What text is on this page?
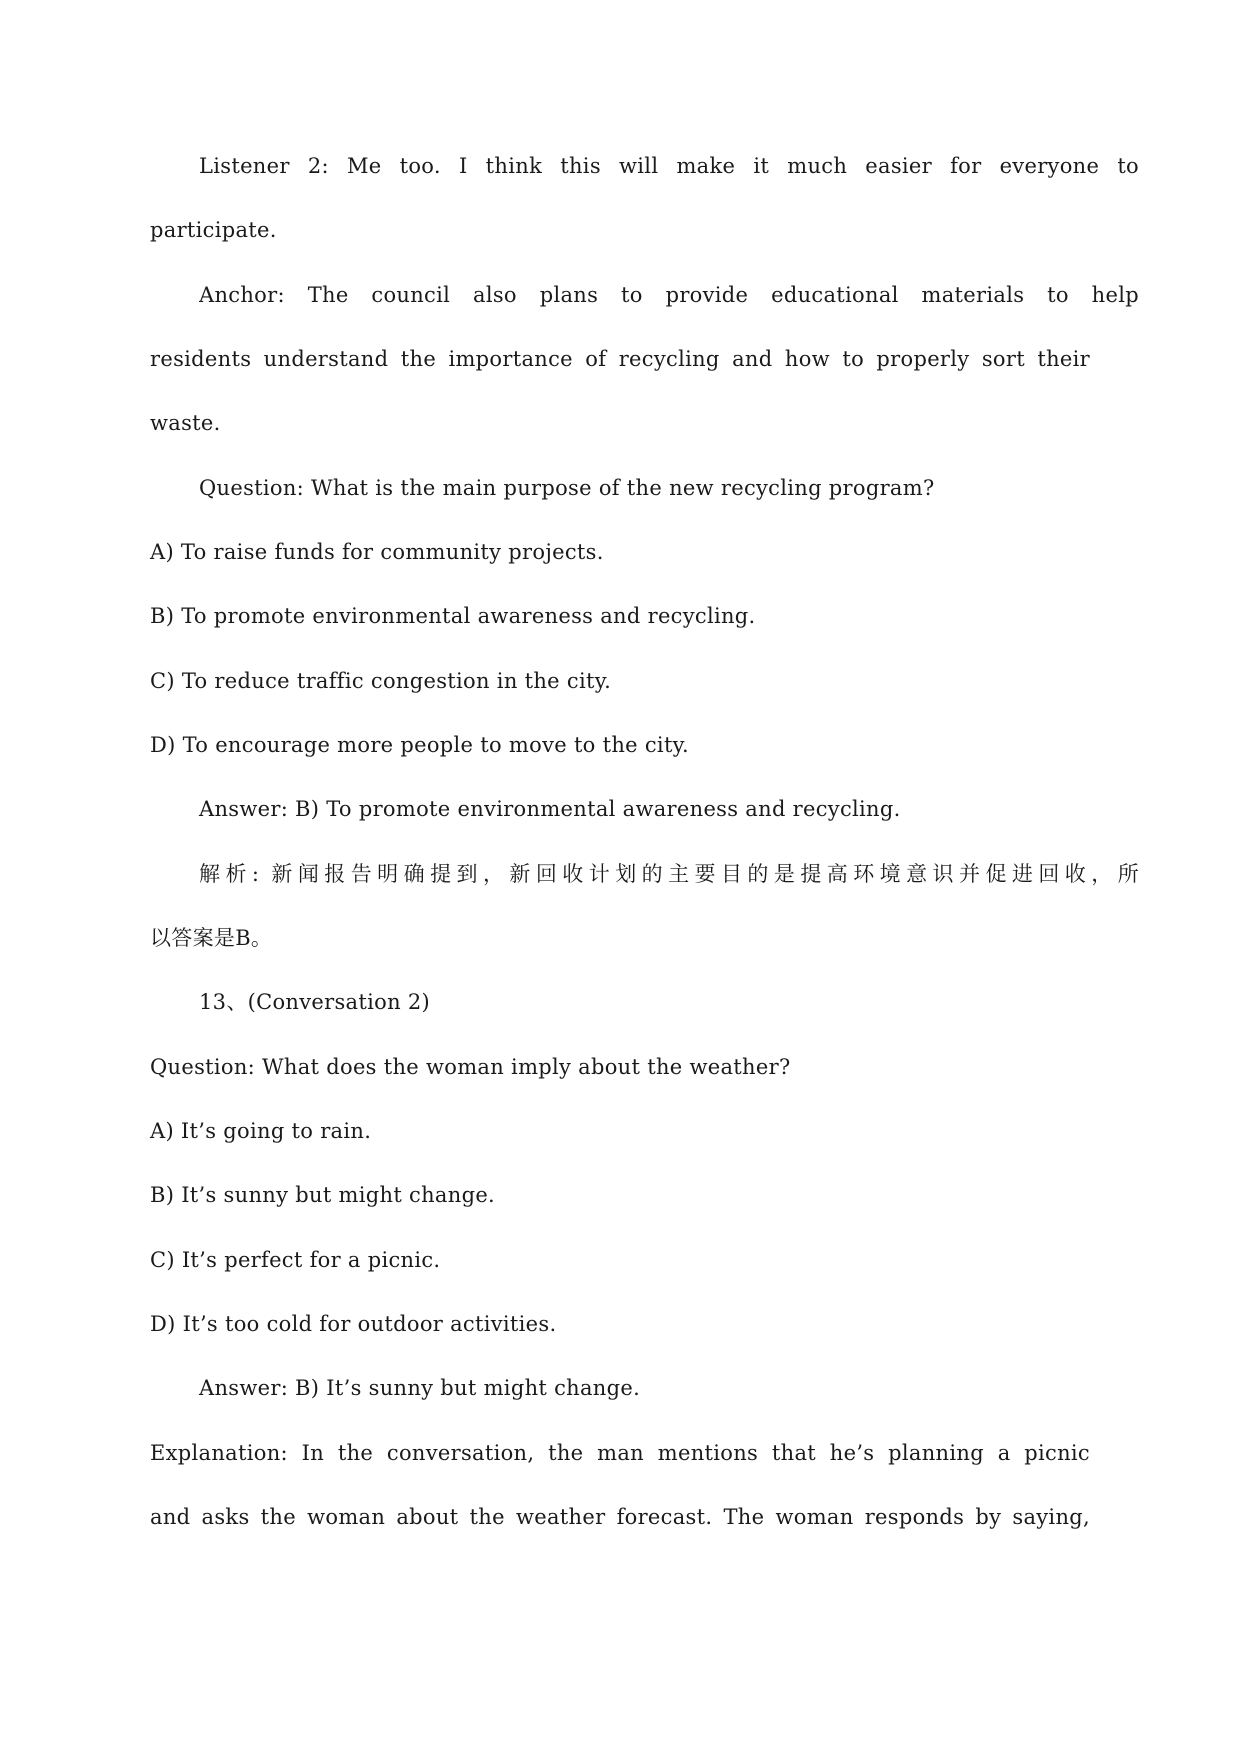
Listener 2: Me too. I think this will make it much easier for everyone to
participate.
Anchor: The council also plans to provide educational materials to help
residents understand the importance of recycling and how to properly sort their
waste.
Question: What is the main purpose of the new recycling program?
A) To raise funds for community projects.
B) To promote environmental awareness and recycling.
C) To reduce traffic congestion in the city.
D) To encourage more people to move to the city.
Answer: B) To promote environmental awareness and recycling.
解析: 新闻报告明确提到，新回收计划的主要目的是提高环境意识并促进回收，所
以答案是B。
13、(Conversation 2)
Question: What does the woman imply about the weather?
A) It’s going to rain.
B) It’s sunny but might change.
C) It’s perfect for a picnic.
D) It’s too cold for outdoor activities.
Answer: B) It’s sunny but might change.
Explanation: In the conversation, the man mentions that he’s planning a picnic
and asks the woman about the weather forecast. The woman responds by saying,
